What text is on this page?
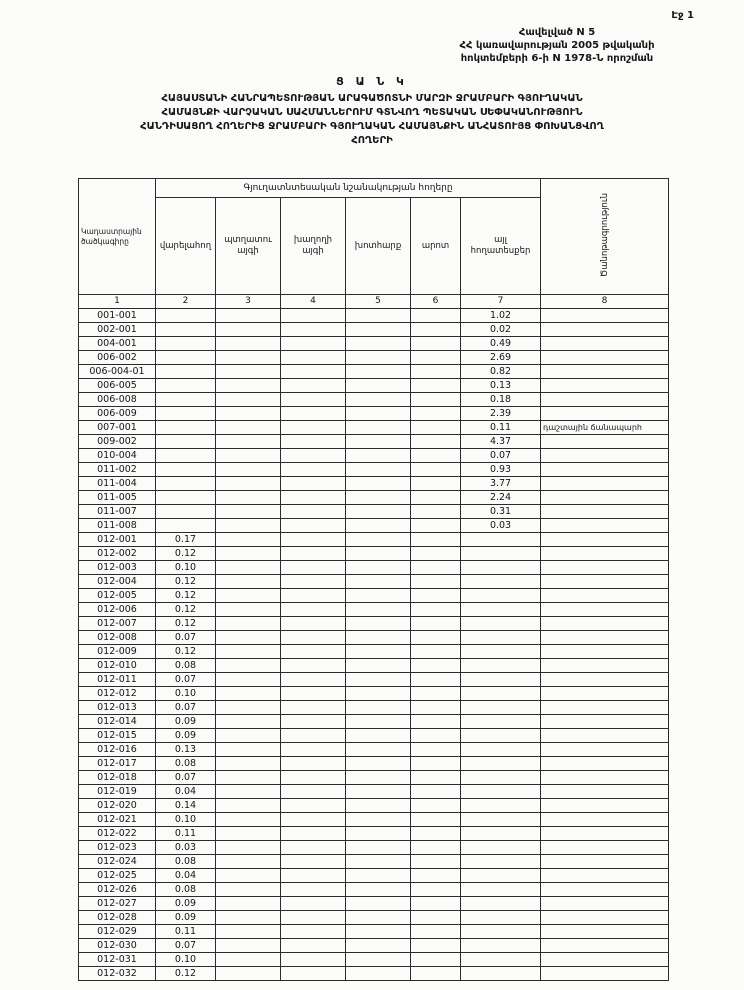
Էջ 1
Հավելված N 5
ՀՀ կառավարության 2005 թվականի
հոկտեմբերի 6-ի N 1978-Ն որոշման
Ց Ա Ն Կ
ՀԱՅԱՍՏԱՆԻ ՀԱՆՐԱՊԵՏՈՒԹՅԱՆ ԱՐԱԳԱԾՈՏՆԻ ՄԱՐԶԻ ՋՐԱՄԲԱՐԻ ԳՅՈՒՂԱԿԱՆ
ՀԱՄԱՅՆՔԻ ՎԱՐՉԱԿԱՆ ՍԱՀՄԱՆՆԵՐՈՒՄ ԳՏՆՎՈՂ ՊԵՏԱԿԱՆ ՍԵՓԱԿԱՆՈՒԹՅՈՒՆ
ՀԱՆԴԻՍԱՑՈՂ ՀՈՂԵՐԻՑ ՋՐԱՄԲԱՐԻ ԳՅՈՒՂԱԿԱՆ ՀԱՄԱՅՆՔԻՆ ԱՆՀԱՏՈՒՅՑ ՓՈԽԱՆՑՎՈՂ
ՀՈՂԵՐԻ
Կադաստրային ծածկագիրը	Գյուղատնտեսական նշանակության հողերը						Ծանոթագրություն
	վարելահող	պտղատու այգի	խաղողի այգի	խոտհարք	արոտ	այլ հողատեսքեր	
1	2	3	4	5	6	7	8
001-001						1.02	
002-001						0.02	
004-001						0.49	
006-002						2.69	
006-004-01						0.82	
006-005						0.13	
006-008						0.18	
006-009						2.39	
007-001						0.11	դաշտային ճանապարհ
009-002						4.37	
010-004						0.07	
011-002						0.93	
011-004						3.77	
011-005						2.24	
011-007						0.31	
011-008						0.03	
012-001	0.17						
012-002	0.12						
012-003	0.10						
012-004	0.12						
012-005	0.12						
012-006	0.12						
012-007	0.12						
012-008	0.07						
012-009	0.12						
012-010	0.08						
012-011	0.07						
012-012	0.10						
012-013	0.07						
012-014	0.09						
012-015	0.09						
012-016	0.13						
012-017	0.08						
012-018	0.07						
012-019	0.04						
012-020	0.14						
012-021	0.10						
012-022	0.11						
012-023	0.03						
012-024	0.08						
012-025	0.04						
012-026	0.08						
012-027	0.09						
012-028	0.09						
012-029	0.11						
012-030	0.07						
012-031	0.10						
012-032	0.12						
